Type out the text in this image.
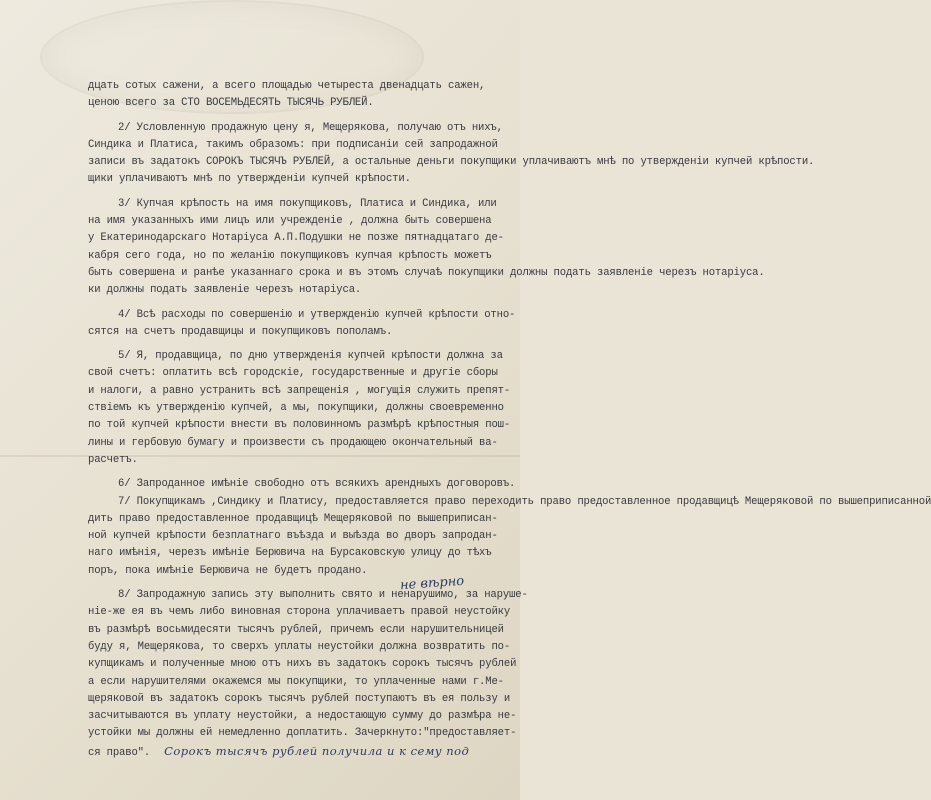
дцать сотых сажени, а всего площадью четыреста двенадцать сажен,
ценою всего за СТО ВОСЕМЬДЕСЯТЬ ТЫСЯЧЬ РУБЛЕЙ.
2/ Условленную продажную цену я, Мещерякова, получаю отъ нихъ,
Синдика и Платиса, такимъ образомъ: при подписаніи сей запродажной
записи въ задатокъ СОРОКЪ ТЫСЯЧЪ РУБЛЕЙ, а остальные деньги покупщики уплачиваютъ мнѣ по утвержденіи купчей крѣпости.
щики уплачиваютъ мнѣ по утвержденіи купчей крѣпости.
3/ Купчая крѣпость на имя покупщиковъ, Платиса и Синдика, или
на имя указанныхъ ими лицъ или учрежденіе , должна быть совершена
у Екатеринодарскаго Нотаріуса А.П.Подушки не позже пятнадцатаго де-
кабря сего года, но по желанію покупщиковъ купчая крѣпость можетъ
быть совершена и ранѣе указаннаго срока и въ этомъ случаѣ покупщики должны подать заявленіе черезъ нотаріуса.
ки должны подать заявленіе черезъ нотаріуса.
4/ Всѣ расходы по совершенію и утвержденію купчей крѣпости отно-
сятся на счетъ продавщицы и покупщиковъ пополамъ.
5/ Я, продавщица, по дню утвержденія купчей крѣпости должна за
свой счетъ: оплатить всѣ городскіе, государственные и другіе сборы
и налоги, а равно устранить всѣ запрещенія , могущія служить препят-
ствіемъ къ утвержденію купчей, а мы, покупщики, должны своевременно
по той купчей крѣпости внести въ половинномъ размѣрѣ крѣпостныя пош-
лины и гербовую бумагу и произвести съ продающею окончательный ва-
расчетъ.
6/ Запроданное имѣніе свободно отъ всякихъ арендныхъ договоровъ.
7/ Покупщикамъ ,Синдику и Платису, предоставляется право переходить право предоставленное продавщицѣ Мещеряковой по вышеприписанной
дить право предоставленное продавщицѣ Мещеряковой по вышеприписан-
ной купчей крѣпости безплатнаго въѣзда и выѣзда во дворъ запродан-
наго имѣнія, черезъ имѣніе Берювича на Бурсаковскую улицу до тѣхъ
поръ, пока имѣніе Берювича не будетъ продано.
8/ Запродажную запись эту выполнить свято и ненарушимо, за наруше-
ніе-же ея въ чемъ либо виновная сторона уплачиваетъ правой неустойку
въ размѣрѣ восьмидесяти тысячъ рублей, причемъ если нарушительницей
буду я, Мещерякова, то сверхъ уплаты неустойки должна возвратить по-
купщикамъ и полученные мною отъ нихъ въ задатокъ сорокъ тысячъ рублей
а если нарушителями окажемся мы покупщики, то уплаченные нами г.Ме-
щеряковой въ задатокъ сорокъ тысячъ рублей поступаютъ въ ея пользу и
засчитываются въ уплату неустойки, а недостающую сумму до размѣра не-
устойки мы должны ей немедленно доплатить. Зачеркнуто:"предоставляет-
ся право". Сорокъ тысячъ рублей получила и к сему под
не вѣрно
